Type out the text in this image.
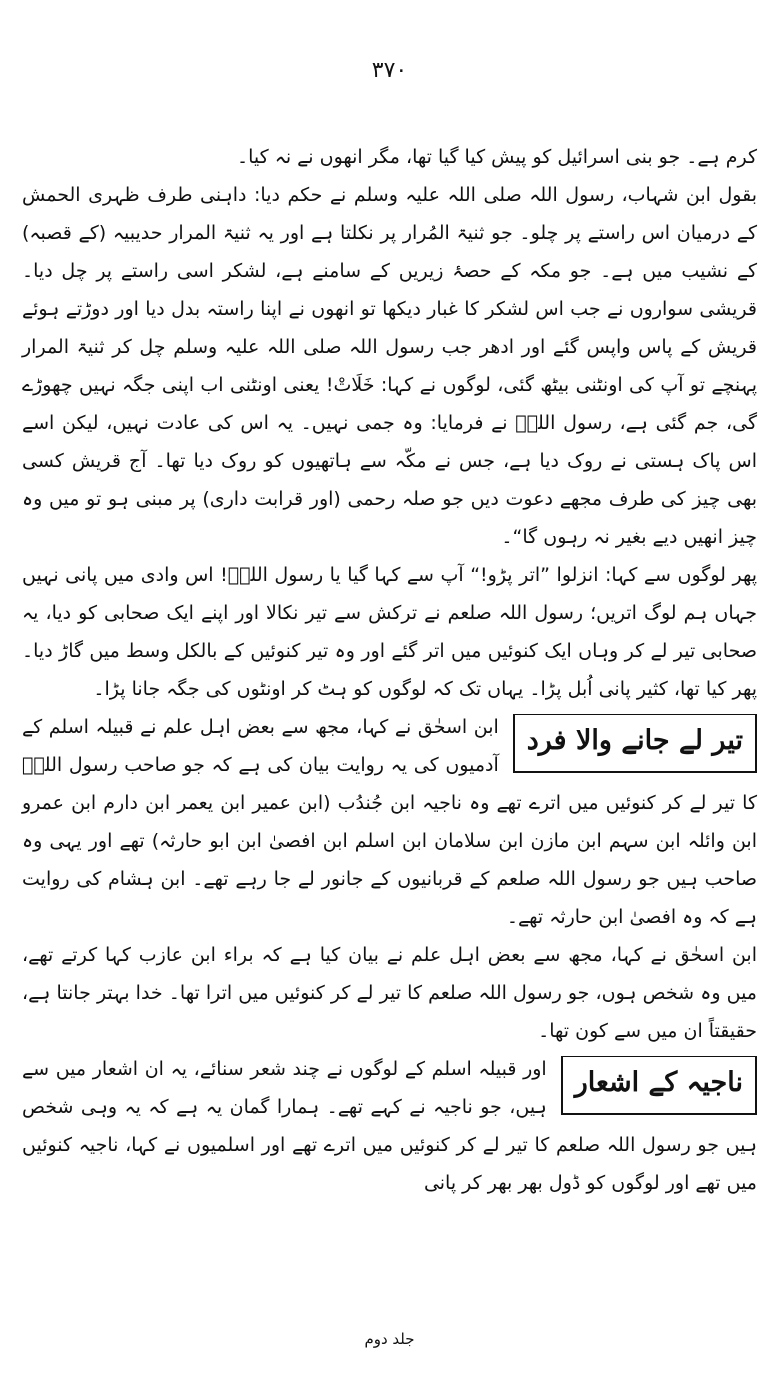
۳۷۰

کرم ہے۔ جو بنی اسرائیل کو پیش کیا گیا تھا، مگر انھوں نے نہ کیا۔

بقول ابن شہاب، رسول اللہ صلی اللہ علیہ وسلم نے حکم دیا: داہنی طرف ظہری الحمش کے درمیان اس راستے پر چلو۔ جو ثنیۃ المُرار پر نکلتا ہے اور یہ ثنیۃ المرار حدیبیہ (کے قصبہ) کے نشیب میں ہے۔ جو مکہ کے حصۂ زیریں کے سامنے ہے، لشکر اسی راستے پر چل دیا۔ قریشی سواروں نے جب اس لشکر کا غبار دیکھا تو انھوں نے اپنا راستہ بدل دیا اور دوڑتے ہوئے قریش کے پاس واپس گئے اور ادھر جب رسول اللہ صلی اللہ علیہ وسلم چل کر ثنیۃ المرار پہنچے تو آپ کی اونٹنی بیٹھ گئی، لوگوں نے کہا: خَلَاتْ! یعنی اونٹنی اب اپنی جگہ نہیں چھوڑے گی، جم گئی ہے، رسول اللہؐ نے فرمایا: وہ جمی نہیں۔ یہ اس کی عادت نہیں، لیکن اسے اس پاک ہستی نے روک دیا ہے، جس نے مکّہ سے ہاتھیوں کو روک دیا تھا۔ آج قریش کسی بھی چیز کی طرف مجھے دعوت دیں جو صلہ رحمی (اور قرابت داری) پر مبنی ہو تو میں وہ چیز انھیں دیے بغیر نہ رہوں گا“۔

پھر لوگوں سے کہا: انزلوا ”اتر پڑو!“ آپ سے کہا گیا یا رسول اللہؐ! اس وادی میں پانی نہیں جہاں ہم لوگ اتریں؛ رسول اللہ صلعم نے ترکش سے تیر نکالا اور اپنے ایک صحابی کو دیا، یہ صحابی تیر لے کر وہاں ایک کنوئیں میں اتر گئے اور وہ تیر کنوئیں کے بالکل وسط میں گاڑ دیا۔ پھر کیا تھا، کثیر پانی اُبل پڑا۔ یہاں تک کہ لوگوں کو ہٹ کر اونٹوں کی جگہ جانا پڑا۔

تیر لے جانے والا فرد

ابن اسحٰق نے کہا، مجھ سے بعض اہل علم نے قبیلہ اسلم کے آدمیوں کی یہ روایت بیان کی ہے کہ جو صاحب رسول اللہؐ کا تیر لے کر کنوئیں میں اترے تھے وہ ناجیہ ابن جُندُب (ابن عمیر ابن یعمر ابن دارم ابن عمرو ابن وائلہ ابن سہم ابن مازن ابن سلامان ابن اسلم ابن افصیٰ ابن ابو حارثہ) تھے اور یہی وہ صاحب ہیں جو رسول اللہ صلعم کے قربانیوں کے جانور لے جا رہے تھے۔ ابن ہشام کی روایت ہے کہ وہ افصیٰ ابن حارثہ تھے۔

ابن اسحٰق نے کہا، مجھ سے بعض اہل علم نے بیان کیا ہے کہ براء ابن عازب کہا کرتے تھے، میں وہ شخص ہوں، جو رسول اللہ صلعم کا تیر لے کر کنوئیں میں اترا تھا۔ خدا بہتر جانتا ہے، حقیقتاً ان میں سے کون تھا۔

ناجیہ کے اشعار

اور قبیلہ اسلم کے لوگوں نے چند شعر سنائے، یہ ان اشعار میں سے ہیں، جو ناجیہ نے کہے تھے۔ ہمارا گمان یہ ہے کہ یہ وہی شخص ہیں جو رسول اللہ صلعم کا تیر لے کر کنوئیں میں اترے تھے اور اسلمیوں نے کہا، ناجیہ کنوئیں میں تھے اور لوگوں کو ڈول بھر بھر کر پانی

جلد دوم
